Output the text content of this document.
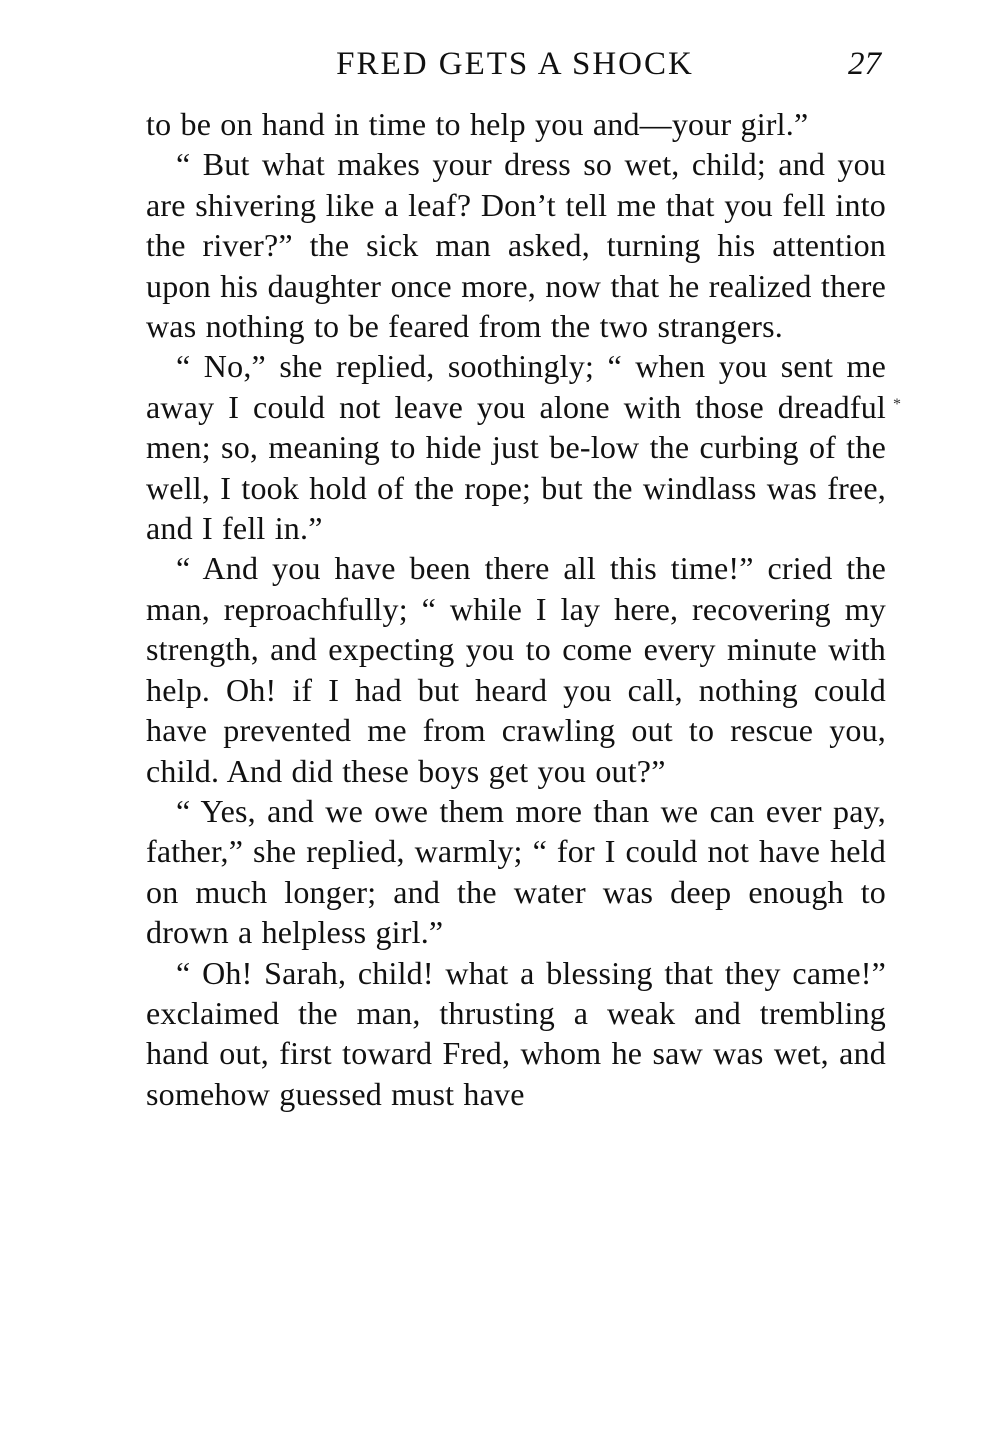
FRED GETS A SHOCK	27

to be on hand in time to help you and—your girl.”

“ But what makes your dress so wet, child; and you are shivering like a leaf? Don’t tell me that you fell into the river?” the sick man asked, turning his attention upon his daughter once more, now that he realized there was nothing to be feared from the two strangers.

“ No,” she replied, soothingly; “ when you sent me away I could not leave you alone with those dreadful men; so, meaning to hide just be-low the curbing of the well, I took hold of the rope; but the windlass was free, and I fell in.”

“ And you have been there all this time!” cried the man, reproachfully; “ while I lay here, recovering my strength, and expecting you to come every minute with help. Oh! if I had but heard you call, nothing could have prevented me from crawling out to rescue you, child. And did these boys get you out?”

“ Yes, and we owe them more than we can ever pay, father,” she replied, warmly; “ for I could not have held on much longer; and the water was deep enough to drown a helpless girl.”

“ Oh! Sarah, child! what a blessing that they came!” exclaimed the man, thrusting a weak and trembling hand out, first toward Fred, whom he saw was wet, and somehow guessed must have

*
